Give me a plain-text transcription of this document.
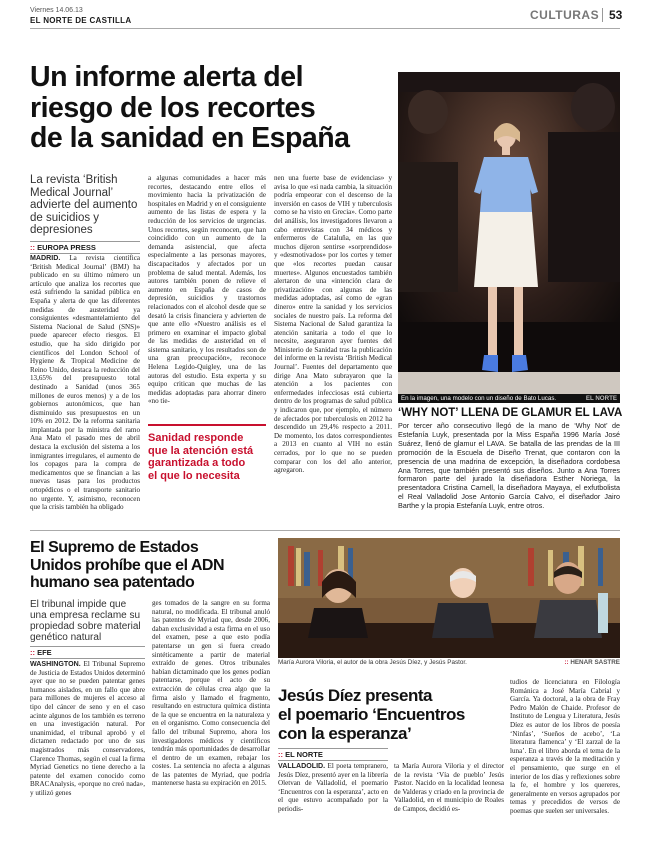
Viernes 14.06.13
EL NORTE DE CASTILLA	CULTURAS 53
Un informe alerta del
riesgo de los recortes
de la sanidad en España
La revista ‘British
Medical Journal’
advierte del aumento
de suicidios y
depresiones
:: EUROPA PRESS
MADRID. La revista científica ‘British Medical Journal’ (BMJ) ha publicado en su último número un artículo que analiza los recortes que está sufriendo la sanidad pública en España y alerta de que las diferentes medidas de austeridad ya consiguientes «desmantelamiento del Sistema Nacional de Salud (SNS)» puede aparecer efecto riesgos. El estudio, que ha sido dirigido por científicos del London School of Hygiene & Tropical Medicine de Reino Unido, destaca la reducción del 13,65% del presupuesto total destinado a Sanidad (unos 365 millones de euros menos) y a de los gobiernos autonómicos, que han disminuido sus presupuestos en un 10% en 2012. De la reforma sanitaria implantada por la ministra del ramo Ana Mato el pasado mes de abril destaca la exclusión del sistema a los inmigrantes irregulares, el aumento de los copagos para la compra de medicamentos que se financian a las nuevas tasas para los productos ortopédicos o el transporte sanitario no urgente. Y, asimismo, reconocen que la crisis también ha obligado
a algunas comunidades a hacer más recortes, destacando entre ellos el movimiento hacia la privatización de hospitales en Madrid y en el consiguiente aumento de las listas de espera y la reducción de los servicios de urgencias. Unos recortes, según reconocen, que han coincidido con un aumento de la demanda asistencial, que afecta especialmente a las personas mayores, discapacitados y afectados por un problema de salud mental. Además, los autores también ponen de relieve el aumento en España de casos de depresión, suicidios y trastornos relacionados con el alcohol desde que se desató la crisis financiera y advierten de que ante ello «Nuestro análisis es el primero en examinar el impacto global de las medidas de austeridad en el sistema sanitario, y los resultados son de una gran preocupación», reconoce Helena Legido-Quigley, una de las autoras del estudio. Esta experta y su equipo critican que muchas de las medidas adoptadas para ahorrar dinero «no tie-
Sanidad responde
que la atención está
garantizada a todo
el que lo necesita
nen una fuerte base de evidencias» y avisa lo que «si nada cambia, la situación podría empeorar con el descenso de la inversión en casos de VIH y tuberculosis como se ha visto en Grecia». Como parte del análisis, los investigadores llevaron a cabo entrevistas con 34 médicos y enfermeros de Cataluña, en las que muchos dijeron sentirse «sorprendidos» y «desmotivados» por los cortes y temer que «los recortes puedan causar muertes». Algunos encuestados también alertaron de una «intención clara de privatización» con algunas de las medidas adoptadas, así como de «gran dinero» entre la sanidad y los servicios sociales de nuestro país. La reforma del Sistema Nacional de Salud garantiza la atención sanitaria a todo el que lo necesite, aseguraron ayer fuentes del Ministerio de Sanidad tras la publicación del informe en la revista ‘British Medical Journal’. Fuentes del departamento que dirige Ana Mato subrayaron que la atención a los pacientes con enfermedades infecciosas está cubierta dentro de los programas de salud pública y indicaron que, por ejemplo, el número de afectados por tuberculosis en 2012 ha descendido un 29,4% respecto a 2011. De momento, los datos correspondientes a 2013 en cuanto al VIH no están cerrados, por lo que no se pueden comparar con los del año anterior, agregaron.
En la imagen, una modelo con un diseño de Bato Lucas.	EL NORTE
‘WHY NOT’ LLENA DE GLAMUR EL LAVA
Por tercer año consecutivo llegó de la mano de ‘Why Not’ de Estefanía Luyk, presentada por la Miss España 1996 María José Suárez, llenó de glamur el LAVA. Se batalla de las prendas de la III promoción de la Escuela de Diseño Trenat, que contaron con la presencia de una madrina de excepción, la diseñadora cordobesa Ana Torres, que también presentó sus diseños. Junto a Ana Torres formaron parte del jurado la diseñadora Esther Noriega, la presentadora Cristina Camell, la diseñadora Mayaya, el exfutbolista el Real Valladolid Jose Antonio García Calvo, el diseñador Jairo Barthe y la propia Estefanía Luyk, entre otros.
El Supremo de Estados
Unidos prohíbe que el ADN
humano sea patentado
El tribunal impide que
una empresa reclame su
propiedad sobre material
genético natural
:: EFE
WASHINGTON. El Tribunal Supremo de Justicia de Estados Unidos determinó ayer que no se pueden patentar genes humanos aislados, en un fallo que abre para millones de mujeres el acceso al tipo del cáncer de seno y en el caso acinte algunos de los también es terreno en una investigación natural. Por unanimidad, el tribunal aprobó y el dictamen redactado por uno de sus magistrados más conservadores, Clarence Thomas, según el cual la firma Myriad Genetics no tiene derecho a la patente del examen conocido como BRACAnalysis, «porque no creó nada», y utilizó genes
ges tomados de la sangre en su forma natural, no modificada. El tribunal anuló las patentes de Myriad que, desde 2006, daban exclusividad a esta firma en el uso del examen, pese a que esto podía patentarse un gen si fuera creado sintéticamente a partir de material extraído de genes. Otros tribunales habían dictaminado que los genes podían patentarse, porque el acto de su extracción de células crea algo que la firma aislo y llamado el fragmento, resultando en estructura química distinta de la que se encuentra en la naturaleza y en el organismo. Como consecuencia del fallo del tribunal Supremo, ahora los investigadores médicos y científicos tendrán más oportunidades de desarrollar el dentro de un examen, rebajar los costes. La sentencia no afecta a algunas de las patentes de Myriad, que podría mantenerse hasta su expiración en 2015.
María Aurora Viloria, el autor de la obra Jesús Díez, y Jesús Pastor.	:: HENAR SASTRE
Jesús Díez presenta
el poemario ‘Encuentros
con la esperanza’
:: EL NORTE
VALLADOLID. El poeta tempranero, Jesús Díez, presentó ayer en la librería Oletvan de Valladolid, el poemario ‘Encuentros con la esperanza’, acto en el que estuvo acompañado por la periodis-
ta María Aurora Viloria y el director de la revista ‘Vía de pueblo’ Jesús Pastor. Nacido en la localidad leonesa de Valderas y criado en la provincia de Valladolid, en el municipio de Roales de Campos, decidió es-
tudios de licenciatura en Filología Románica a José María Cabrial y García. Ya doctoral, a la obra de Fray Pedro Malón de Chaide. Profesor de Instituto de Lengua y Literatura, Jesús Díez es autor de los libros de poesía ‘Ninfas’, ‘Sueños de acebo’, ‘La literatura flamenca’ y ‘El zarzal de la luna’. En el libro aborda el tema de la esperanza a través de la meditación y el pensamiento, que surge en el interior de los días y reflexiones sobre la fe, el hombre y los quereres, generalmente en versos agrupados por temas y precedidos de versos de poemas que suelen ser universales.
